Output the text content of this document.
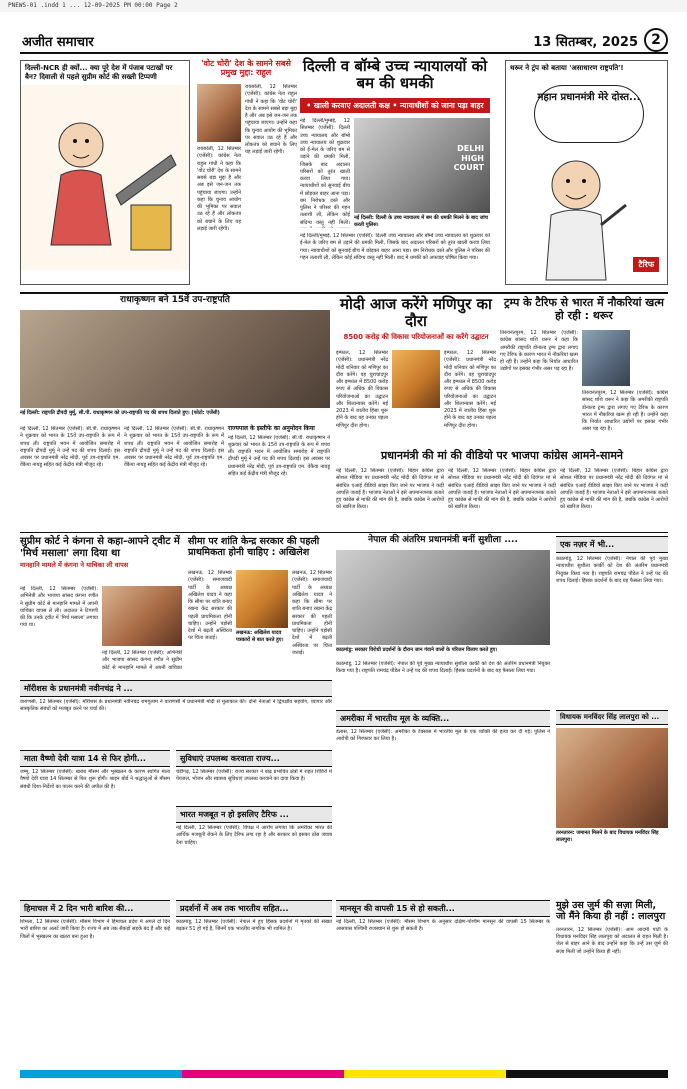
PNEWS-01 .indd 1 ... 12-09-2025 PM 00:00 Page 2
अजीत समाचार	13 सितम्बर, 2025 2
दिल्ली-NCR ही क्यों... क्या पूरे देश में पंजाब पटाखों पर बैन? दिवाली से पहले सुप्रीम कोर्ट की सख्ती टिप्पणी
'वोट चोरी' देश के सामने सबसे प्रमुख मुद्दा: राहुल
रायबरेली, 12 सितम्बर (एजेंसी): कांग्रेस नेता राहुल गांधी ने कहा कि 'वोट चोरी' देश के सामने सबसे बड़ा मुद्दा है और अब इसे जन-जन तक पहुंचाया जाएगा। उन्होंने कहा कि चुनाव आयोग की भूमिका पर सवाल उठ रहे हैं और लोकतंत्र को बचाने के लिए यह लड़ाई जारी रहेगी।
रायबरेली, 12 सितम्बर (एजेंसी): कांग्रेस नेता राहुल गांधी ने कहा कि 'वोट चोरी' देश के सामने सबसे बड़ा मुद्दा है और अब इसे जन-जन तक पहुंचाया जाएगा। उन्होंने कहा कि चुनाव आयोग की भूमिका पर सवाल उठ रहे हैं और लोकतंत्र को बचाने के लिए यह लड़ाई जारी रहेगी।
दिल्ली व बॉम्बे उच्च न्यायालयों को बम की धमकी
• खाली करवाए अदालती कक्ष • न्यायाधीशों को जाना पड़ा बाहर
नई दिल्ली/मुम्बई, 12 सितम्बर (एजेंसी): दिल्ली उच्च न्यायालय और बॉम्बे उच्च न्यायालय को शुक्रवार को ई-मेल के जरिए बम से उड़ाने की धमकी मिली, जिसके बाद अदालत परिसरों को तुरंत खाली करवा लिया गया। न्यायाधीशों को सुनवाई बीच में छोड़कर बाहर आना पड़ा। बम निरोधक दस्ते और पुलिस ने परिसर की गहन तलाशी ली, लेकिन कोई संदिग्ध वस्तु नहीं मिली।
DELHI HIGH COURT
नई दिल्ली: दिल्ली के उच्च न्यायालय में बम की धमकी मिलने के बाद जांच करती पुलिस।
नई दिल्ली/मुम्बई, 12 सितम्बर (एजेंसी): दिल्ली उच्च न्यायालय और बॉम्बे उच्च न्यायालय को शुक्रवार को ई-मेल के जरिए बम से उड़ाने की धमकी मिली, जिसके बाद अदालत परिसरों को तुरंत खाली करवा लिया गया। न्यायाधीशों को सुनवाई बीच में छोड़कर बाहर आना पड़ा। बम निरोधक दस्ते और पुलिस ने परिसर की गहन तलाशी ली, लेकिन कोई संदिग्ध वस्तु नहीं मिली। बाद में धमकी को अफवाह घोषित किया गया।
थरूर ने ट्रंप को बताया 'असाधारण राष्ट्रपति'!
महान प्रधानमंत्री मेरे दोस्त...
टैरिफ
राधाकृष्णन बने 15वें उप-राष्ट्रपति
नई दिल्ली: राष्ट्रपति द्रौपदी मुर्मू, सी.पी. राधाकृष्णन को उप-राष्ट्रपति पद की शपथ दिलाते हुए। (फोटो: एजेंसी)
नई दिल्ली, 12 सितम्बर (एजेंसी): सी.पी. राधाकृष्णन ने शुक्रवार को भारत के 15वें उप-राष्ट्रपति के रूप में शपथ ली। राष्ट्रपति भवन में आयोजित समारोह में राष्ट्रपति द्रौपदी मुर्मू ने उन्हें पद की शपथ दिलाई। इस अवसर पर प्रधानमंत्री नरेंद्र मोदी, पूर्व उप-राष्ट्रपति एम. वेंकैया नायडू सहित कई केंद्रीय मंत्री मौजूद रहे।
नई दिल्ली, 12 सितम्बर (एजेंसी): सी.पी. राधाकृष्णन ने शुक्रवार को भारत के 15वें उप-राष्ट्रपति के रूप में शपथ ली। राष्ट्रपति भवन में आयोजित समारोह में राष्ट्रपति द्रौपदी मुर्मू ने उन्हें पद की शपथ दिलाई। इस अवसर पर प्रधानमंत्री नरेंद्र मोदी, पूर्व उप-राष्ट्रपति एम. वेंकैया नायडू सहित कई केंद्रीय मंत्री मौजूद रहे।
राज्यपाल के इस्तीफे का अनुमोदन किया
नई दिल्ली, 12 सितम्बर (एजेंसी): सी.पी. राधाकृष्णन ने शुक्रवार को भारत के 15वें उप-राष्ट्रपति के रूप में शपथ ली। राष्ट्रपति भवन में आयोजित समारोह में राष्ट्रपति द्रौपदी मुर्मू ने उन्हें पद की शपथ दिलाई। इस अवसर पर प्रधानमंत्री नरेंद्र मोदी, पूर्व उप-राष्ट्रपति एम. वेंकैया नायडू सहित कई केंद्रीय मंत्री मौजूद रहे।
मोदी आज करेंगे मणिपुर का दौरा
8500 करोड़ की विकास परियोजनाओं का करेंगे उद्घाटन
इम्फाल, 12 सितम्बर (एजेंसी): प्रधानमंत्री नरेंद्र मोदी शनिवार को मणिपुर का दौरा करेंगे। वह चुराचांदपुर और इम्फाल में 8500 करोड़ रुपए से अधिक की विकास परियोजनाओं का उद्घाटन और शिलान्यास करेंगे। मई 2023 में जातीय हिंसा शुरू होने के बाद यह उनका पहला मणिपुर दौरा होगा।
इम्फाल, 12 सितम्बर (एजेंसी): प्रधानमंत्री नरेंद्र मोदी शनिवार को मणिपुर का दौरा करेंगे। वह चुराचांदपुर और इम्फाल में 8500 करोड़ रुपए से अधिक की विकास परियोजनाओं का उद्घाटन और शिलान्यास करेंगे। मई 2023 में जातीय हिंसा शुरू होने के बाद यह उनका पहला मणिपुर दौरा होगा।
ट्रम्प के टैरिफ से भारत में नौकरियां खत्म हो रही : थरूर
तिरुवनंतपुरम, 12 सितम्बर (एजेंसी): कांग्रेस सांसद शशि थरूर ने कहा कि अमरीकी राष्ट्रपति डोनाल्ड ट्रम्प द्वारा लगाए गए टैरिफ के कारण भारत में नौकरियां खत्म हो रही हैं। उन्होंने कहा कि निर्यात आधारित उद्योगों पर इसका गंभीर असर पड़ रहा है।
तिरुवनंतपुरम, 12 सितम्बर (एजेंसी): कांग्रेस सांसद शशि थरूर ने कहा कि अमरीकी राष्ट्रपति डोनाल्ड ट्रम्प द्वारा लगाए गए टैरिफ के कारण भारत में नौकरियां खत्म हो रही हैं। उन्होंने कहा कि निर्यात आधारित उद्योगों पर इसका गंभीर असर पड़ रहा है।
प्रधानमंत्री की मां की वीडियो पर भाजपा कांग्रेस आमने-सामने
नई दिल्ली, 12 सितम्बर (एजेंसी): बिहार कांग्रेस द्वारा सोशल मीडिया पर प्रधानमंत्री नरेंद्र मोदी की दिवंगत मां से संबंधित एआई वीडियो साझा किए जाने पर भाजपा ने कड़ी आपत्ति जताई है। भाजपा नेताओं ने इसे अपमानजनक बताते हुए कांग्रेस से माफी की मांग की है, जबकि कांग्रेस ने आरोपों को खारिज किया।
नई दिल्ली, 12 सितम्बर (एजेंसी): बिहार कांग्रेस द्वारा सोशल मीडिया पर प्रधानमंत्री नरेंद्र मोदी की दिवंगत मां से संबंधित एआई वीडियो साझा किए जाने पर भाजपा ने कड़ी आपत्ति जताई है। भाजपा नेताओं ने इसे अपमानजनक बताते हुए कांग्रेस से माफी की मांग की है, जबकि कांग्रेस ने आरोपों को खारिज किया।
नई दिल्ली, 12 सितम्बर (एजेंसी): बिहार कांग्रेस द्वारा सोशल मीडिया पर प्रधानमंत्री नरेंद्र मोदी की दिवंगत मां से संबंधित एआई वीडियो साझा किए जाने पर भाजपा ने कड़ी आपत्ति जताई है। भाजपा नेताओं ने इसे अपमानजनक बताते हुए कांग्रेस से माफी की मांग की है, जबकि कांग्रेस ने आरोपों को खारिज किया।
सुप्रीम कोर्ट ने कंगना से कहा-आपने ट्वीट में 'मिर्च मसाला' लगा दिया था
मानहानि मामले में कंगना ने याचिका ली वापस
नई दिल्ली, 12 सितम्बर (एजेंसी): अभिनेत्री और भाजपा सांसद कंगना रणौत ने सुप्रीम कोर्ट से मानहानि मामले में अपनी याचिका वापस ले ली। अदालत ने टिप्पणी की कि उनके ट्वीट में 'मिर्च मसाला' लगाया गया था।
नई दिल्ली, 12 सितम्बर (एजेंसी): अभिनेत्री और भाजपा सांसद कंगना रणौत ने सुप्रीम कोर्ट से मानहानि मामले में अपनी याचिका
सीमा पर शांति केन्द्र सरकार की पहली प्राथमिकता होनी चाहिए : अखिलेश
लखनऊ, 12 सितम्बर (एजेंसी): समाजवादी पार्टी के अध्यक्ष अखिलेश यादव ने कहा कि सीमा पर शांति बनाए रखना केंद्र सरकार की पहली प्राथमिकता होनी चाहिए। उन्होंने पड़ोसी देशों में बढ़ती अस्थिरता पर चिंता जताई।
लखनऊ: अखिलेश यादव पत्रकारों से बात करते हुए।
लखनऊ, 12 सितम्बर (एजेंसी): समाजवादी पार्टी के अध्यक्ष अखिलेश यादव ने कहा कि सीमा पर शांति बनाए रखना केंद्र सरकार की पहली प्राथमिकता होनी चाहिए। उन्होंने पड़ोसी देशों में बढ़ती अस्थिरता पर चिंता जताई।
नेपाल की अंतरिम प्रधानमंत्री बनीं सुशीला ....
काठमांडू: सरकार विरोधी प्रदर्शनों के दौरान जान गंवाने वालों के परिजन विलाप करते हुए।
काठमांडू, 12 सितम्बर (एजेंसी): नेपाल की पूर्व मुख्य न्यायाधीश सुशीला कार्की को देश की अंतरिम प्रधानमंत्री नियुक्त किया गया है। राष्ट्रपति रामचंद्र पौडेल ने उन्हें पद की शपथ दिलाई। हिंसक प्रदर्शनों के बाद यह फैसला लिया गया।
एक नज़र में भी...
काठमांडू, 12 सितम्बर (एजेंसी): नेपाल की पूर्व मुख्य न्यायाधीश सुशीला कार्की को देश की अंतरिम प्रधानमंत्री नियुक्त किया गया है। राष्ट्रपति रामचंद्र पौडेल ने उन्हें पद की शपथ दिलाई। हिंसक प्रदर्शनों के बाद यह फैसला लिया गया।
मॉरीशस के प्रधानमंत्री नवीनचंद्र ने ...
वाराणसी, 12 सितम्बर (एजेंसी): मॉरीशस के प्रधानमंत्री नवीनचंद्र रामगुलाम ने वाराणसी में प्रधानमंत्री मोदी से मुलाकात की। दोनों नेताओं ने द्विपक्षीय सहयोग, व्यापार और सांस्कृतिक संबंधों को मजबूत करने पर चर्चा की।
माता वैष्णो देवी यात्रा 14 से फिर होगी...
जम्मू, 12 सितम्बर (एजेंसी): खराब मौसम और भूस्खलन के कारण स्थगित माता वैष्णो देवी यात्रा 14 सितम्बर से फिर शुरू होगी। श्राइन बोर्ड ने श्रद्धालुओं से मौसम संबंधी दिशा-निर्देशों का पालन करने की अपील की है।
सुविधाएं उपलब्ध करवाता राज्य...
चंडीगढ़, 12 सितम्बर (एजेंसी): राज्य सरकार ने बाढ़ प्रभावित क्षेत्रों में राहत शिविरों में पेयजल, भोजन और स्वास्थ्य सुविधाएं उपलब्ध करवाने का दावा किया है।
भारत मजबूत न हो इसलिए टैरिफ ...
नई दिल्ली, 12 सितम्बर (एजेंसी): विपक्ष ने आरोप लगाया कि अमरीका भारत की आर्थिक मजबूती रोकने के लिए टैरिफ लगा रहा है और सरकार को इसका ठोस जवाब देना चाहिए।
अमरीका में भारतीय मूल के व्यक्ति...
डलास, 12 सितम्बर (एजेंसी): अमरीका के टेक्सास में भारतीय मूल के एक व्यक्ति की हत्या कर दी गई। पुलिस ने आरोपी को गिरफ्तार कर लिया है।
विधायक मनविंदर सिंह लालपुरा को ...
तरनतारन: जमानत मिलने के बाद विधायक मनविंदर सिंह लालपुरा।
हिमाचल में 2 दिन भारी बारिश की...
शिमला, 12 सितम्बर (एजेंसी): मौसम विभाग ने हिमाचल प्रदेश में अगले दो दिन भारी बारिश का अलर्ट जारी किया है। राज्य में अब तक सैकड़ों सड़कें बंद हैं और कई जिलों में भूस्खलन का खतरा बना हुआ है।
प्रदर्शनों में अब तक भारतीय सहित...
काठमांडू, 12 सितम्बर (एजेंसी): नेपाल में हुए हिंसक प्रदर्शनों में मृतकों की संख्या बढ़कर 51 हो गई है, जिनमें एक भारतीय नागरिक भी शामिल है।
मानसून की वापसी 15 से हो सकती...
नई दिल्ली, 12 सितम्बर (एजेंसी): मौसम विभाग के अनुसार दक्षिण-पश्चिम मानसून की वापसी 15 सितम्बर के आसपास पश्चिमी राजस्थान से शुरू हो सकती है।
मुझे उस जुर्म की सज़ा मिली, जो मैंने किया ही नहीं : लालपुरा
तरनतारन, 12 सितम्बर (एजेंसी): आम आदमी पार्टी के विधायक मनविंदर सिंह लालपुरा को अदालत से राहत मिली है। जेल से बाहर आने के बाद उन्होंने कहा कि उन्हें उस जुर्म की सज़ा मिली जो उन्होंने किया ही नहीं।
